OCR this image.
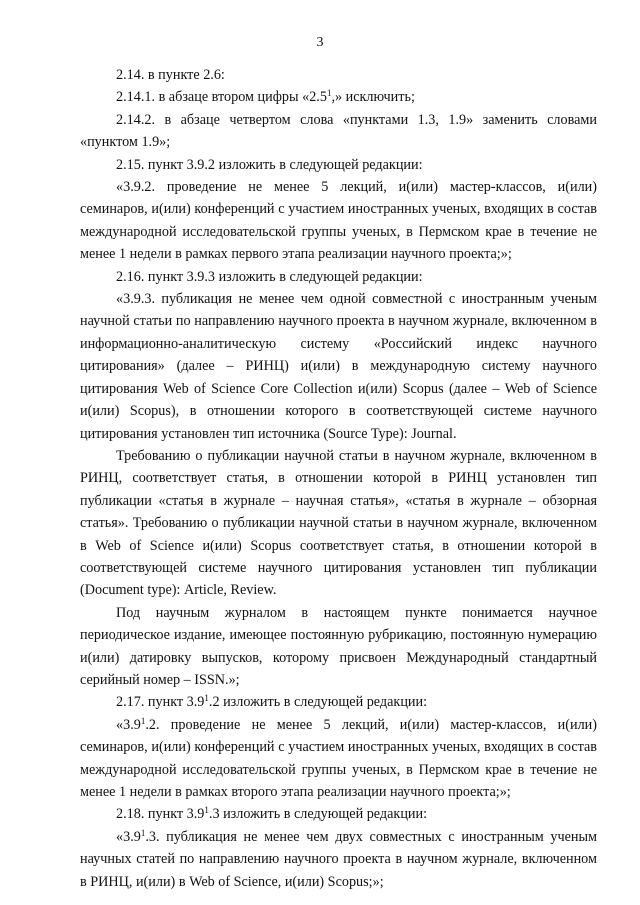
3

2.14. в пункте 2.6:

2.14.1. в абзаце втором цифры «$2.5^1$,» исключить;

2.14.2. в абзаце четвертом слова «пунктами 1.3, 1.9» заменить словами «пунктом 1.9»;

2.15. пункт 3.9.2 изложить в следующей редакции:

«3.9.2. проведение не менее 5 лекций, и(или) мастер-классов, и(или) семинаров, и(или) конференций с участием иностранных ученых, входящих в состав международной исследовательской группы ученых, в Пермском крае в течение не менее 1 недели в рамках первого этапа реализации научного проекта;»;

2.16. пункт 3.9.3 изложить в следующей редакции:

«3.9.3. публикация не менее чем одной совместной с иностранным ученым научной статьи по направлению научного проекта в научном журнале, включенном в информационно-аналитическую систему «Российский индекс научного цитирования» (далее – РИНЦ) и(или) в международную систему научного цитирования Web of Science Core Collection и(или) Scopus (далее – Web of Science и(или) Scopus), в отношении которого в соответствующей системе научного цитирования установлен тип источника (Source Type): Journal.

Требованию о публикации научной статьи в научном журнале, включенном в РИНЦ, соответствует статья, в отношении которой в РИНЦ установлен тип публикации «статья в журнале – научная статья», «статья в журнале – обзорная статья». Требованию о публикации научной статьи в научном журнале, включенном в Web of Science и(или) Scopus соответствует статья, в отношении которой в соответствующей системе научного цитирования установлен тип публикации (Document type): Article, Review.

Под научным журналом в настоящем пункте понимается научное периодическое издание, имеющее постоянную рубрикацию, постоянную нумерацию и(или) датировку выпусков, которому присвоен Международный стандартный серийный номер – ISSN.»;

2.17. пункт $3.9^1.2$ изложить в следующей редакции:

«$3.9^1.2$. проведение не менее 5 лекций, и(или) мастер-классов, и(или) семинаров, и(или) конференций с участием иностранных ученых, входящих в состав международной исследовательской группы ученых, в Пермском крае в течение не менее 1 недели в рамках второго этапа реализации научного проекта;»;

2.18. пункт $3.9^1.3$ изложить в следующей редакции:

«$3.9^1.3$. публикация не менее чем двух совместных с иностранным ученым научных статей по направлению научного проекта в научном журнале, включенном в РИНЦ, и(или) в Web of Science, и(или) Scopus;»;
